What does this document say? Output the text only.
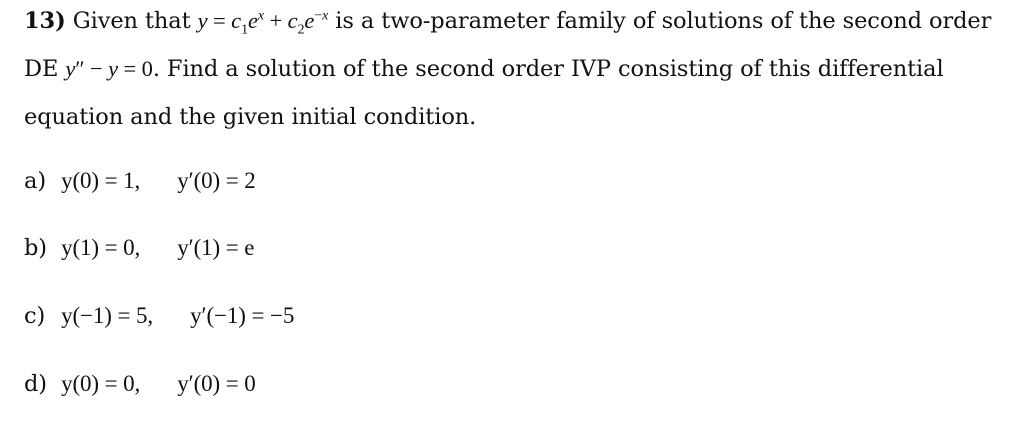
13) Given that $y = c_1e^x + c_2e^{-x}$ is a two-parameter family of solutions of the second order
DE y″ − y = 0. Find a solution of the second order IVP consisting of this differential
equation and the given initial condition.
a) y(0) = 1, y′(0) = 2
b) y(1) = 0, y′(1) = e
c) y(−1) = 5, y′(−1) = −5
d) y(0) = 0, y′(0) = 0
